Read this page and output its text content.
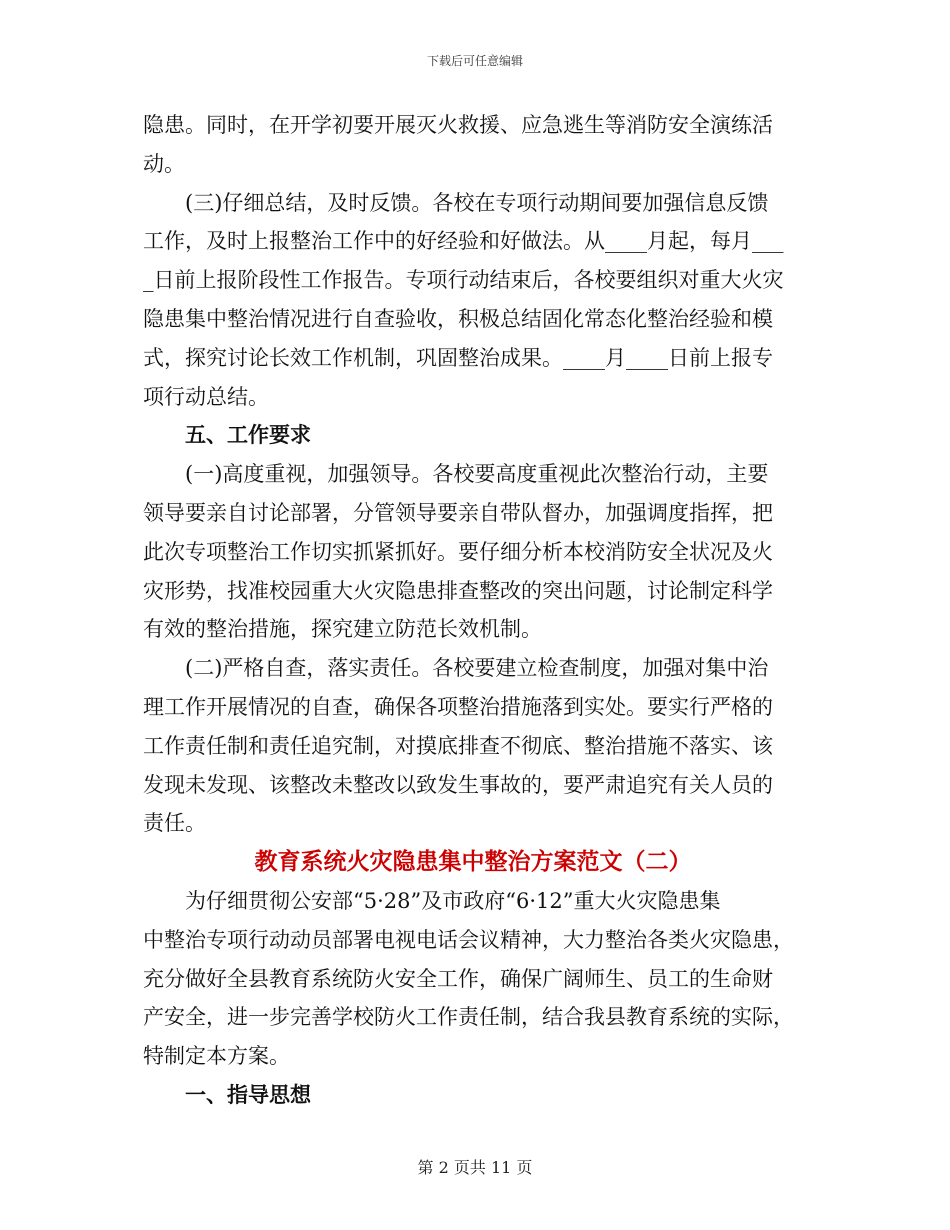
下载后可任意编辑
隐患。同时，在开学初要开展灭火救援、应急逃生等消防安全演练活
动。
(三)仔细总结，及时反馈。各校在专项行动期间要加强信息反馈
工作，及时上报整治工作中的好经验和好做法。从____月起，每月___
_日前上报阶段性工作报告。专项行动结束后，各校要组织对重大火灾
隐患集中整治情况进行自查验收，积极总结固化常态化整治经验和模
式，探究讨论长效工作机制，巩固整治成果。____月____日前上报专
项行动总结。
五、工作要求
(一)高度重视，加强领导。各校要高度重视此次整治行动，主要
领导要亲自讨论部署，分管领导要亲自带队督办，加强调度指挥，把
此次专项整治工作切实抓紧抓好。要仔细分析本校消防安全状况及火
灾形势，找准校园重大火灾隐患排查整改的突出问题，讨论制定科学
有效的整治措施，探究建立防范长效机制。
(二)严格自查，落实责任。各校要建立检查制度，加强对集中治
理工作开展情况的自查，确保各项整治措施落到实处。要实行严格的
工作责任制和责任追究制，对摸底排查不彻底、整治措施不落实、该
发现未发现、该整改未整改以致发生事故的，要严肃追究有关人员的
责任。
教育系统火灾隐患集中整治方案范文（二）
为仔细贯彻公安部“5·28”及市政府“6·12”重大火灾隐患集
中整治专项行动动员部署电视电话会议精神，大力整治各类火灾隐患，
充分做好全县教育系统防火安全工作，确保广阔师生、员工的生命财
产安全，进一步完善学校防火工作责任制，结合我县教育系统的实际，
特制定本方案。
一、指导思想
第 2 页共 11 页
